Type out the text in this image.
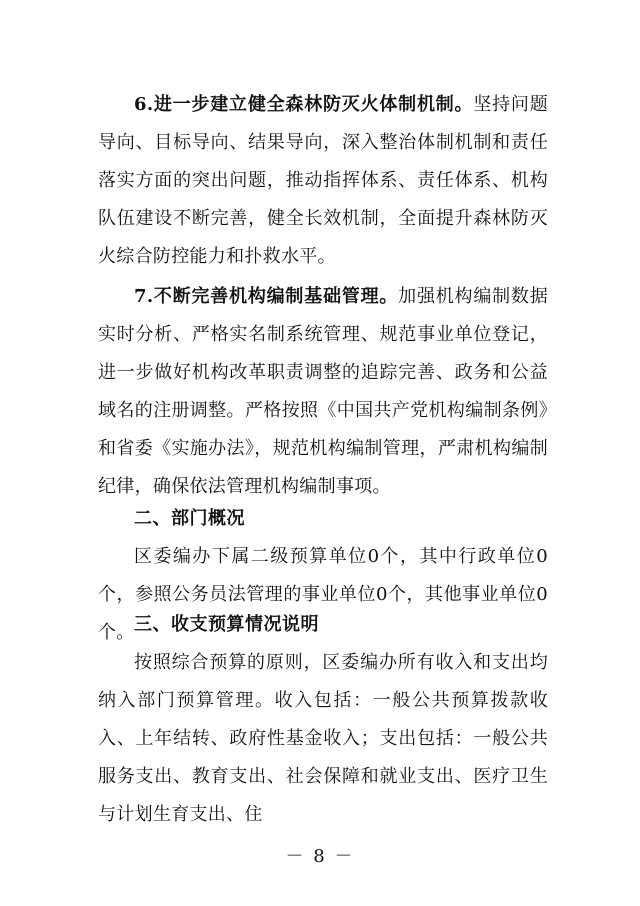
6.进一步建立健全森林防灭火体制机制。坚持问题导向、目标导向、结果导向，深入整治体制机制和责任落实方面的突出问题，推动指挥体系、责任体系、机构队伍建设不断完善，健全长效机制，全面提升森林防灭火综合防控能力和扑救水平。

7.不断完善机构编制基础管理。加强机构编制数据实时分析、严格实名制系统管理、规范事业单位登记，进一步做好机构改革职责调整的追踪完善、政务和公益域名的注册调整。严格按照《中国共产党机构编制条例》和省委《实施办法》，规范机构编制管理，严肃机构编制纪律，确保依法管理机构编制事项。

二、部门概况

区委编办下属二级预算单位0个，其中行政单位0个，参照公务员法管理的事业单位0个，其他事业单位0个。 三、收支预算情况说明

按照综合预算的原则，区委编办所有收入和支出均纳入部门预算管理。收入包括：一般公共预算拨款收入、上年结转、政府性基金收入；支出包括：一般公共服务支出、教育支出、社会保障和就业支出、医疗卫生与计划生育支出、住

－ 8 －
